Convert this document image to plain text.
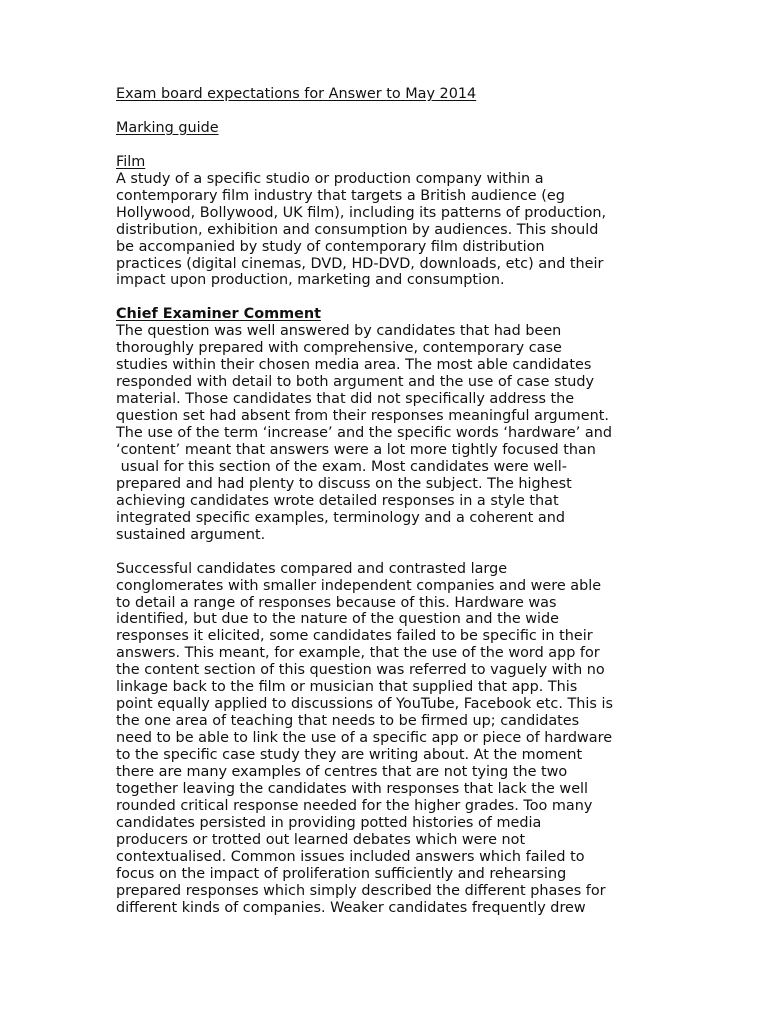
Exam board expectations for Answer to May 2014
Marking guide
Film
A study of a specific studio or production company within a
contemporary film industry that targets a British audience (eg
Hollywood, Bollywood, UK film), including its patterns of production,
distribution, exhibition and consumption by audiences. This should
be accompanied by study of contemporary film distribution
practices (digital cinemas, DVD, HD-DVD, downloads, etc) and their
impact upon production, marketing and consumption.
Chief Examiner Comment
The question was well answered by candidates that had been
thoroughly prepared with comprehensive, contemporary case
studies within their chosen media area. The most able candidates
responded with detail to both argument and the use of case study
material. Those candidates that did not specifically address the
question set had absent from their responses meaningful argument.
The use of the term ‘increase’ and the specific words ‘hardware’ and
‘content’ meant that answers were a lot more tightly focused than
usual for this section of the exam. Most candidates were well-
prepared and had plenty to discuss on the subject. The highest
achieving candidates wrote detailed responses in a style that
integrated specific examples, terminology and a coherent and
sustained argument.
Successful candidates compared and contrasted large
conglomerates with smaller independent companies and were able
to detail a range of responses because of this. Hardware was
identified, but due to the nature of the question and the wide
responses it elicited, some candidates failed to be specific in their
answers. This meant, for example, that the use of the word app for
the content section of this question was referred to vaguely with no
linkage back to the film or musician that supplied that app. This
point equally applied to discussions of YouTube, Facebook etc. This is
the one area of teaching that needs to be firmed up; candidates
need to be able to link the use of a specific app or piece of hardware
to the specific case study they are writing about. At the moment
there are many examples of centres that are not tying the two
together leaving the candidates with responses that lack the well
rounded critical response needed for the higher grades. Too many
candidates persisted in providing potted histories of media
producers or trotted out learned debates which were not
contextualised. Common issues included answers which failed to
focus on the impact of proliferation sufficiently and rehearsing
prepared responses which simply described the different phases for
different kinds of companies. Weaker candidates frequently drew
